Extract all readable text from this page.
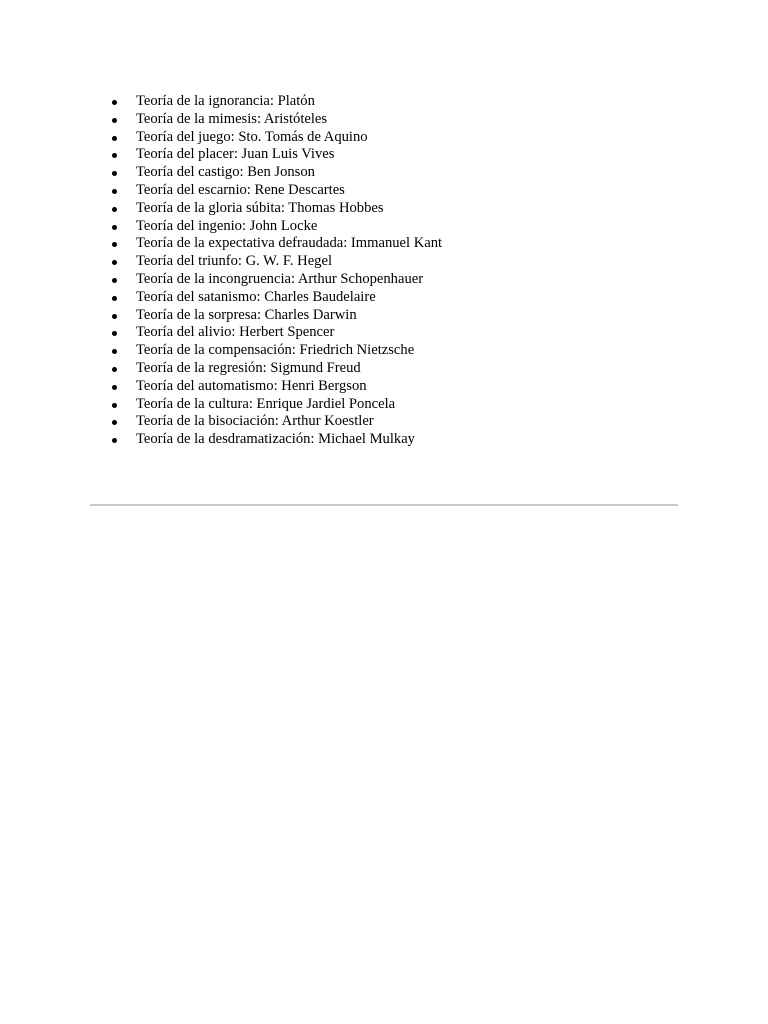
Teoría de la ignorancia: Platón
Teoría de la mimesis: Aristóteles
Teoría del juego: Sto. Tomás de Aquino
Teoría del placer: Juan Luis Vives
Teoría del castigo: Ben Jonson
Teoría del escarnio: Rene Descartes
Teoría de la gloria súbita: Thomas Hobbes
Teoría del ingenio: John Locke
Teoría de la expectativa defraudada: Immanuel Kant
Teoría del triunfo: G. W. F. Hegel
Teoría de la incongruencia: Arthur Schopenhauer
Teoría del satanismo: Charles Baudelaire
Teoría de la sorpresa: Charles Darwin
Teoría del alivio: Herbert Spencer
Teoría de la compensación: Friedrich Nietzsche
Teoría de la regresión: Sigmund Freud
Teoría del automatismo: Henri Bergson
Teoría de la cultura: Enrique Jardiel Poncela
Teoría de la bisociación: Arthur Koestler
Teoría de la desdramatización: Michael Mulkay
